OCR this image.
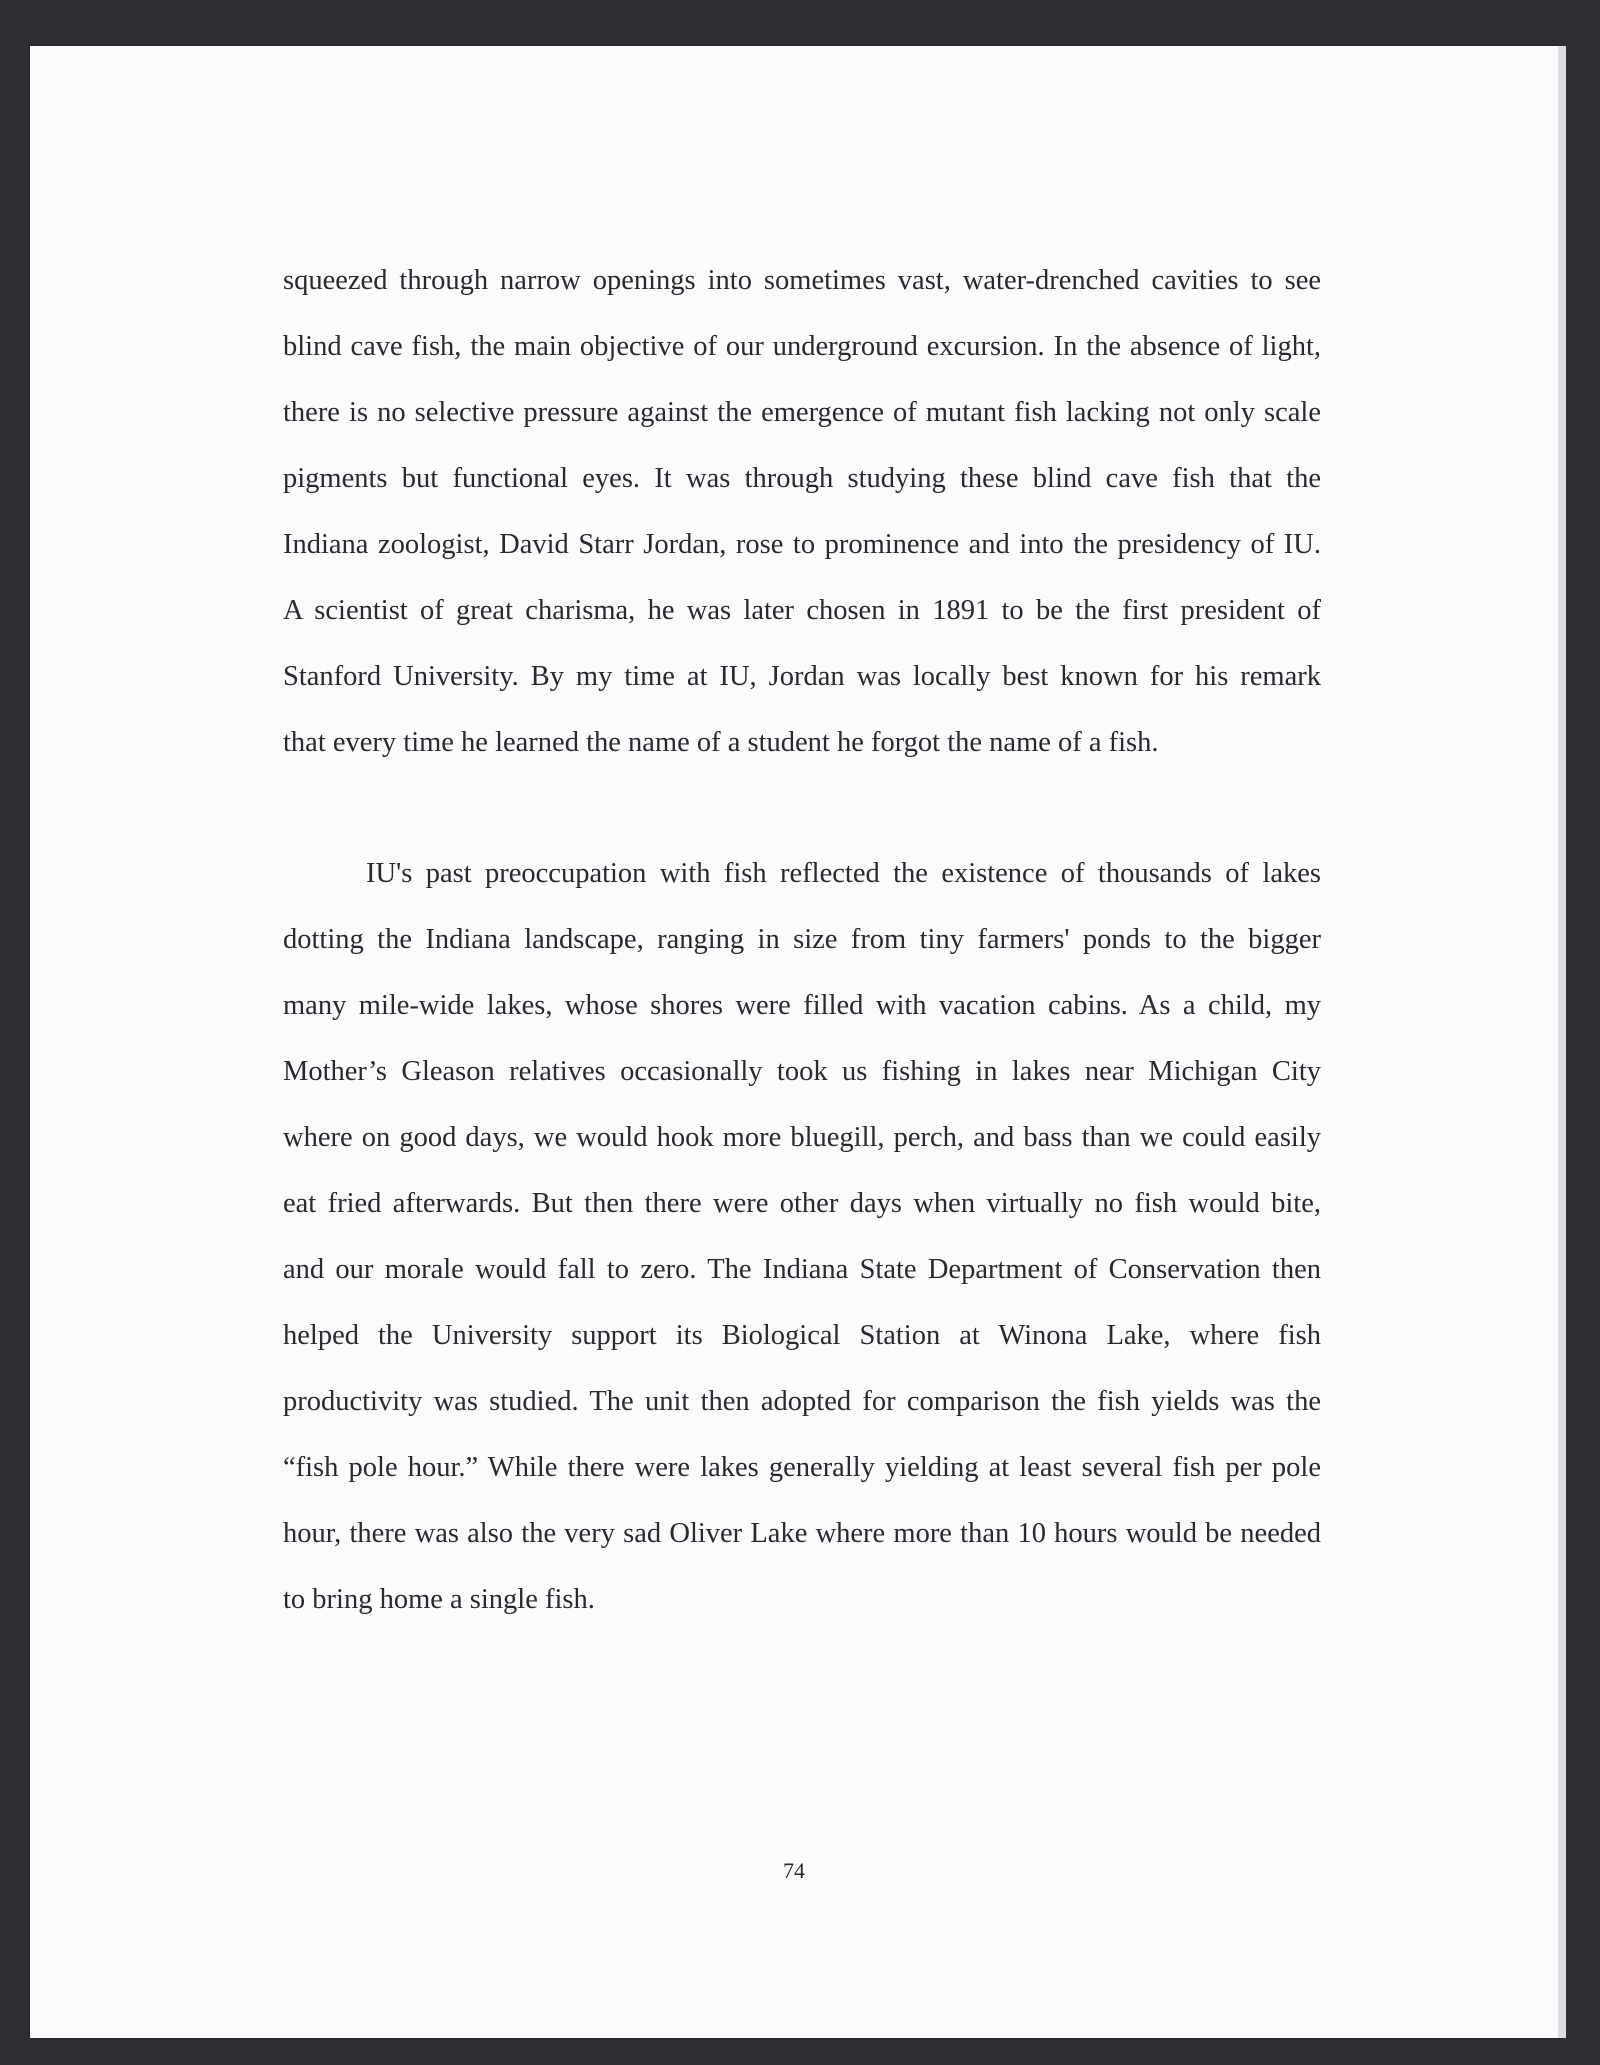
squeezed through narrow openings into sometimes vast, water-drenched cavities to see
blind cave fish, the main objective of our underground excursion. In the absence of light,
there is no selective pressure against the emergence of mutant fish lacking not only scale
pigments but functional eyes. It was through studying these blind cave fish that the
Indiana zoologist, David Starr Jordan, rose to prominence and into the presidency of IU.
A scientist of great charisma, he was later chosen in 1891 to be the first president of
Stanford University. By my time at IU, Jordan was locally best known for his remark
that every time he learned the name of a student he forgot the name of a fish.
IU's past preoccupation with fish reflected the existence of thousands of lakes
dotting the Indiana landscape, ranging in size from tiny farmers' ponds to the bigger
many mile-wide lakes, whose shores were filled with vacation cabins. As a child, my
Mother’s Gleason relatives occasionally took us fishing in lakes near Michigan City
where on good days, we would hook more bluegill, perch, and bass than we could easily
eat fried afterwards. But then there were other days when virtually no fish would bite,
and our morale would fall to zero. The Indiana State Department of Conservation then
helped the University support its Biological Station at Winona Lake, where fish
productivity was studied. The unit then adopted for comparison the fish yields was the
“fish pole hour.” While there were lakes generally yielding at least several fish per pole
hour, there was also the very sad Oliver Lake where more than 10 hours would be needed
to bring home a single fish.
74
